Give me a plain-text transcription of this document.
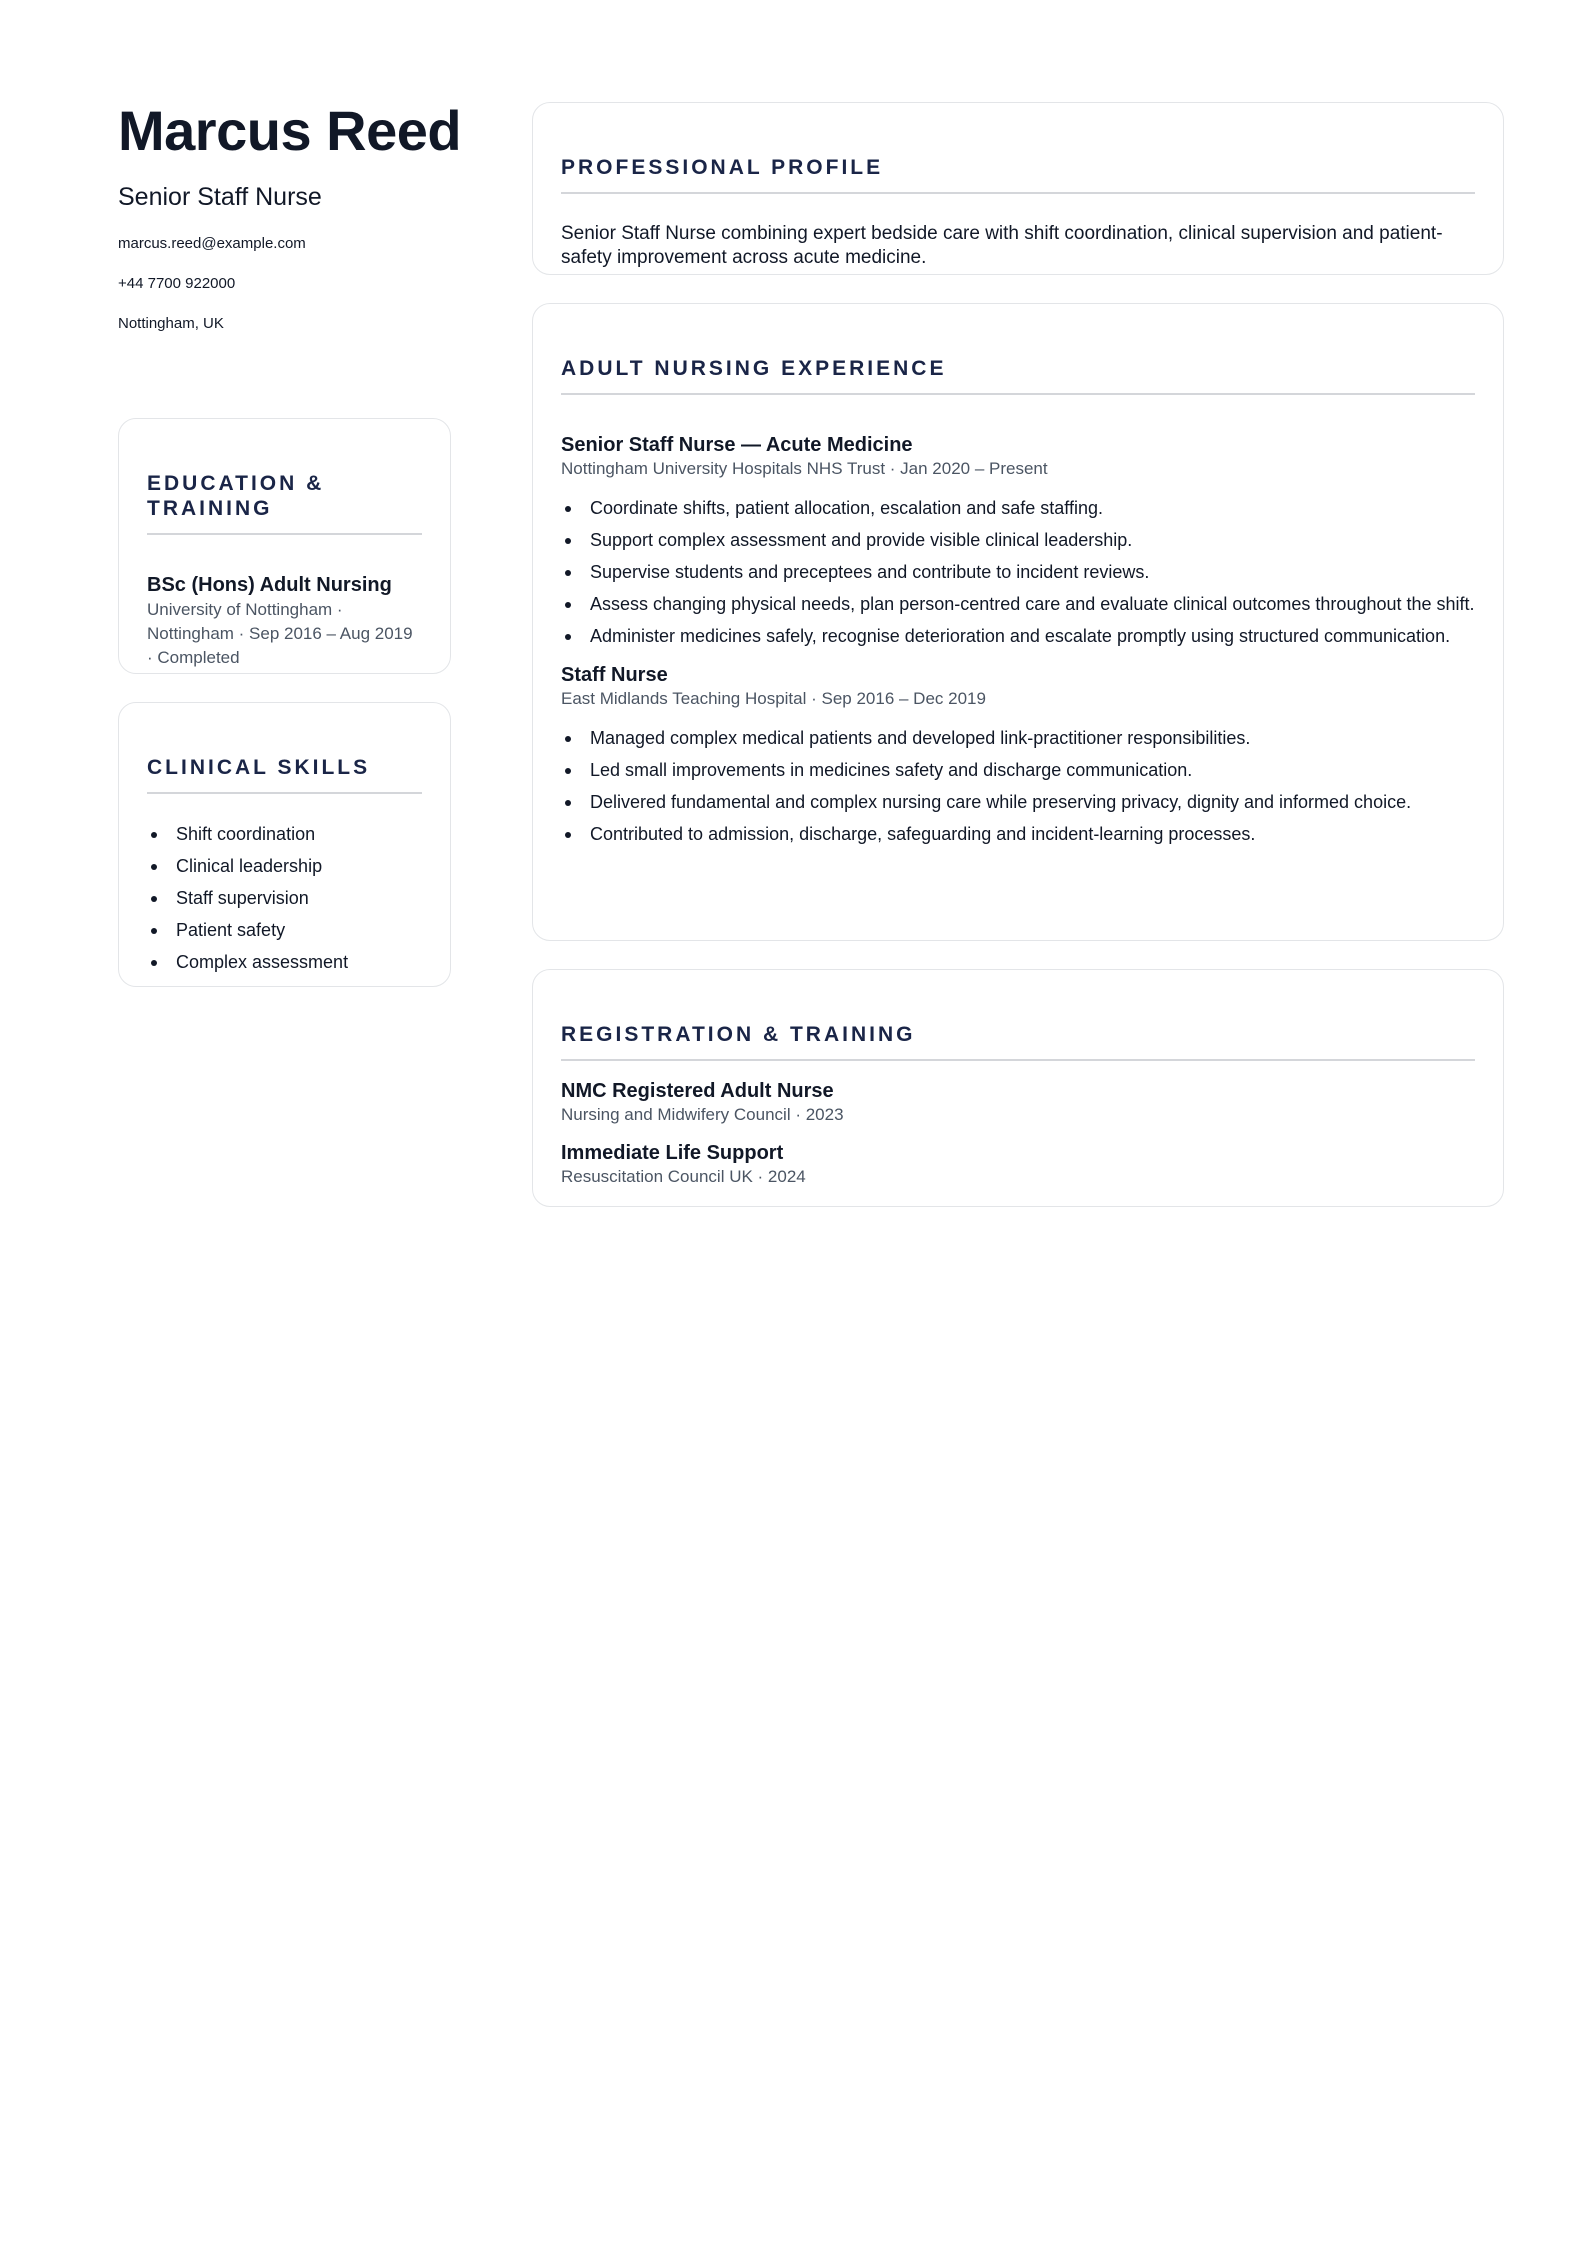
Marcus Reed
Senior Staff Nurse
marcus.reed@example.com
+44 7700 922000
Nottingham, UK
EDUCATION &
TRAINING
BSc (Hons) Adult Nursing
University of Nottingham ·
Nottingham · Sep 2016 – Aug 2019
· Completed
CLINICAL SKILLS
Shift coordination
Clinical leadership
Staff supervision
Patient safety
Complex assessment
PROFESSIONAL PROFILE
Senior Staff Nurse combining expert bedside care with shift coordination, clinical supervision and patient-safety improvement across acute medicine.
ADULT NURSING EXPERIENCE
Senior Staff Nurse — Acute Medicine
Nottingham University Hospitals NHS Trust · Jan 2020 – Present
Coordinate shifts, patient allocation, escalation and safe staffing.
Support complex assessment and provide visible clinical leadership.
Supervise students and preceptees and contribute to incident reviews.
Assess changing physical needs, plan person-centred care and evaluate clinical outcomes throughout the shift.
Administer medicines safely, recognise deterioration and escalate promptly using structured communication.
Staff Nurse
East Midlands Teaching Hospital · Sep 2016 – Dec 2019
Managed complex medical patients and developed link-practitioner responsibilities.
Led small improvements in medicines safety and discharge communication.
Delivered fundamental and complex nursing care while preserving privacy, dignity and informed choice.
Contributed to admission, discharge, safeguarding and incident-learning processes.
REGISTRATION & TRAINING
NMC Registered Adult Nurse
Nursing and Midwifery Council · 2023
Immediate Life Support
Resuscitation Council UK · 2024
